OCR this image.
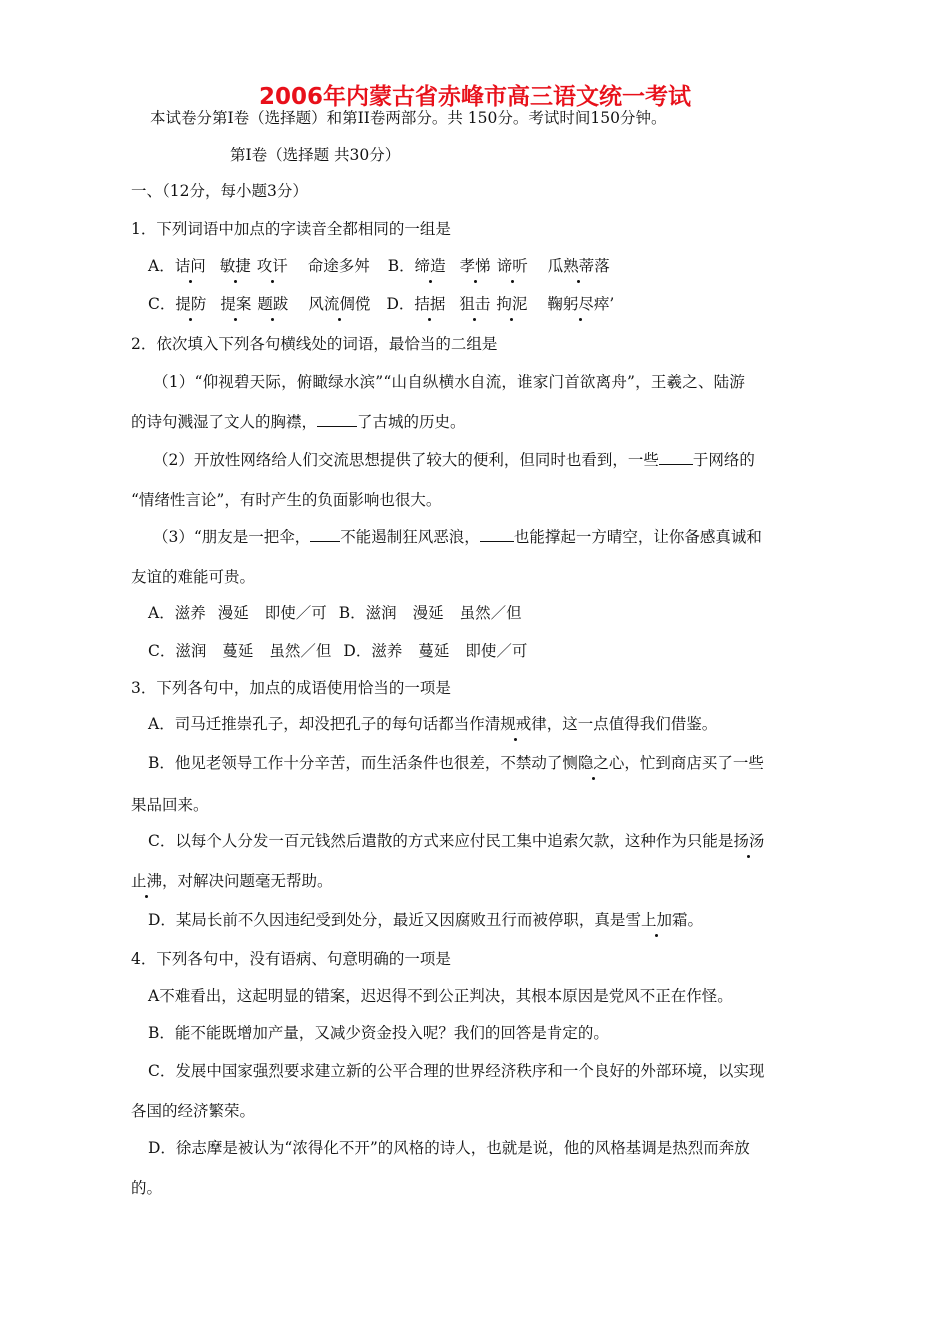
2006年内蒙古省赤峰市高三语文统一考试
本试卷分第Ⅰ卷（选择题）和第II卷两部分。共 150分。考试时间150分钟。
第Ⅰ卷（选择题 共30分）
一、（12分，每小题3分）
1．下列词语中加点的字读音全都相同的一组是
A．诘问 敏捷 攻讦 命途多舛 B．缔造 孝悌 谛听 瓜熟蒂落
C．提防 提案 题跋 风流倜傥 D．拮据 狙击 拘泥 鞠躬尽瘁’
2．依次填入下列各句横线处的词语，最恰当的二组是
（1）“仰视碧天际，俯瞰绿水滨”“山自纵横水自流，谁家门首欲离舟”，王羲之、陆游
的诗句溅湿了文人的胸襟，	了古城的历史。
（2）开放性网络给人们交流思想提供了较大的便利，但同时也看到，一些 于网络的
“情绪性言论”，有时产生的负面影响也很大。
（3）“朋友是一把伞， 不能遏制狂风恶浪， 也能撑起一方晴空，让你备感真诚和
友谊的难能可贵。
A．滋养 漫延 即使／可 B．滋润 漫延 虽然／但
C．滋润 蔓延 虽然／但 D．滋养 蔓延 即使／可
3．下列各句中，加点的成语使用恰当的一项是
A．司马迁推崇孔子，却没把孔子的每句话都当作清规戒律，这一点值得我们借鉴。
B．他见老领导工作十分辛苦，而生活条件也很差，不禁动了恻隐之心，忙到商店买了一些
果品回来。
C．以每个人分发一百元钱然后遣散的方式来应付民工集中追索欠款，这种作为只能是扬汤
止沸，对解决问题毫无帮助。
D．某局长前不久因违纪受到处分，最近又因腐败丑行而被停职，真是雪上加霜。
4．下列各句中，没有语病、句意明确的一项是
A不难看出，这起明显的错案，迟迟得不到公正判决，其根本原因是党风不正在作怪。
B．能不能既增加产量，又减少资金投入呢？我们的回答是肯定的。
C．发展中国家强烈要求建立新的公平合理的世界经济秩序和一个良好的外部环境，以实现
各国的经济繁荣。
D．徐志摩是被认为“浓得化不开”的风格的诗人，也就是说，他的风格基调是热烈而奔放
的。
